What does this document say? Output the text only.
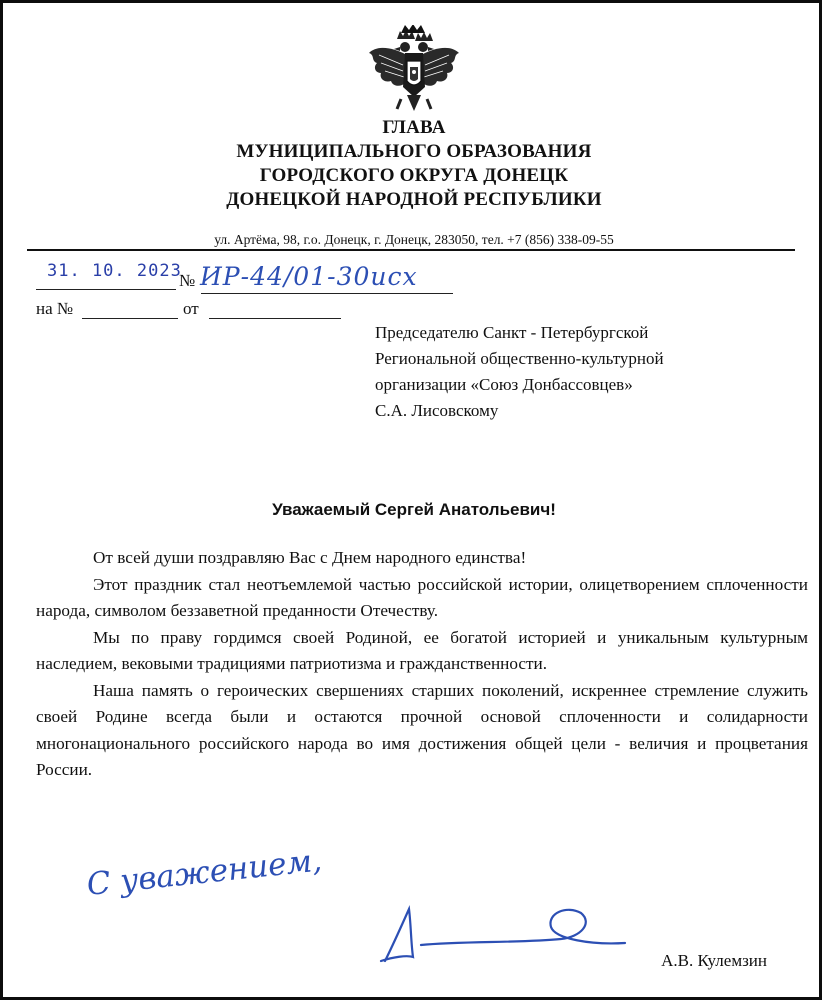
ГЛАВА
МУНИЦИПАЛЬНОГО ОБРАЗОВАНИЯ
ГОРОДСКОГО ОКРУГА ДОНЕЦК
ДОНЕЦКОЙ НАРОДНОЙ РЕСПУБЛИКИ
ул. Артёма, 98, г.о. Донецк, г. Донецк, 283050, тел. +7 (856) 338-09-55
31. 10. 2023
№ ИР-44/01-30исх
на №	от
Председателю Санкт - Петербургской
Региональной общественно-культурной
организации «Союз Донбассовцев»
С.А. Лисовскому
Уважаемый Сергей Анатольевич!

От всей души поздравляю Вас с Днем народного единства!

Этот праздник стал неотъемлемой частью российской истории, олицетворением сплоченности народа, символом беззаветной преданности Отечеству.

Мы по праву гордимся своей Родиной, ее богатой историей и уникальным культурным наследием, вековыми традициями патриотизма и гражданственности.

Наша память о героических свершениях старших поколений, искреннее стремление служить своей Родине всегда были и остаются прочной основой сплоченности и солидарности многонационального российского народа во имя достижения общей цели - величия и процветания России.

С уважением,
А.В. Кулемзин
